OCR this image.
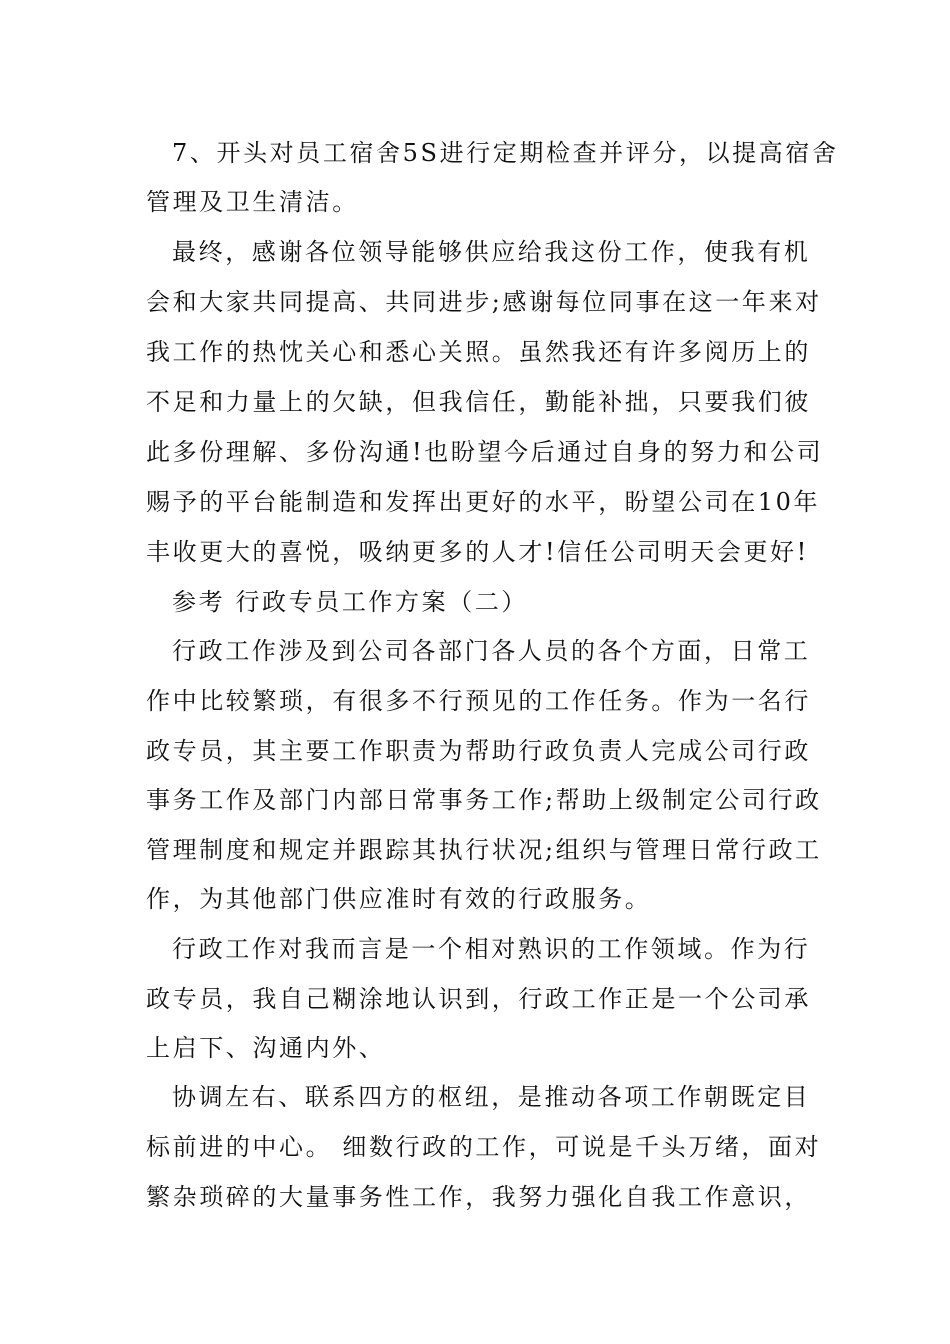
7、开头对员工宿舍5S进行定期检查并评分，以提高宿舍
管理及卫生清洁。
最终，感谢各位领导能够供应给我这份工作，使我有机
会和大家共同提高、共同进步;感谢每位同事在这一年来对
我工作的热忱关心和悉心关照。虽然我还有许多阅历上的
不足和力量上的欠缺，但我信任，勤能补拙，只要我们彼
此多份理解、多份沟通!也盼望今后通过自身的努力和公司
赐予的平台能制造和发挥出更好的水平，盼望公司在10年
丰收更大的喜悦，吸纳更多的人才!信任公司明天会更好!
参考 行政专员工作方案（二）
行政工作涉及到公司各部门各人员的各个方面，日常工
作中比较繁琐，有很多不行预见的工作任务。作为一名行
政专员，其主要工作职责为帮助行政负责人完成公司行政
事务工作及部门内部日常事务工作;帮助上级制定公司行政
管理制度和规定并跟踪其执行状况;组织与管理日常行政工
作，为其他部门供应准时有效的行政服务。
行政工作对我而言是一个相对熟识的工作领域。作为行
政专员，我自己糊涂地认识到，行政工作正是一个公司承
上启下、沟通内外、
协调左右、联系四方的枢纽，是推动各项工作朝既定目
标前进的中心。 细数行政的工作，可说是千头万绪，面对
繁杂琐碎的大量事务性工作，我努力强化自我工作意识，
